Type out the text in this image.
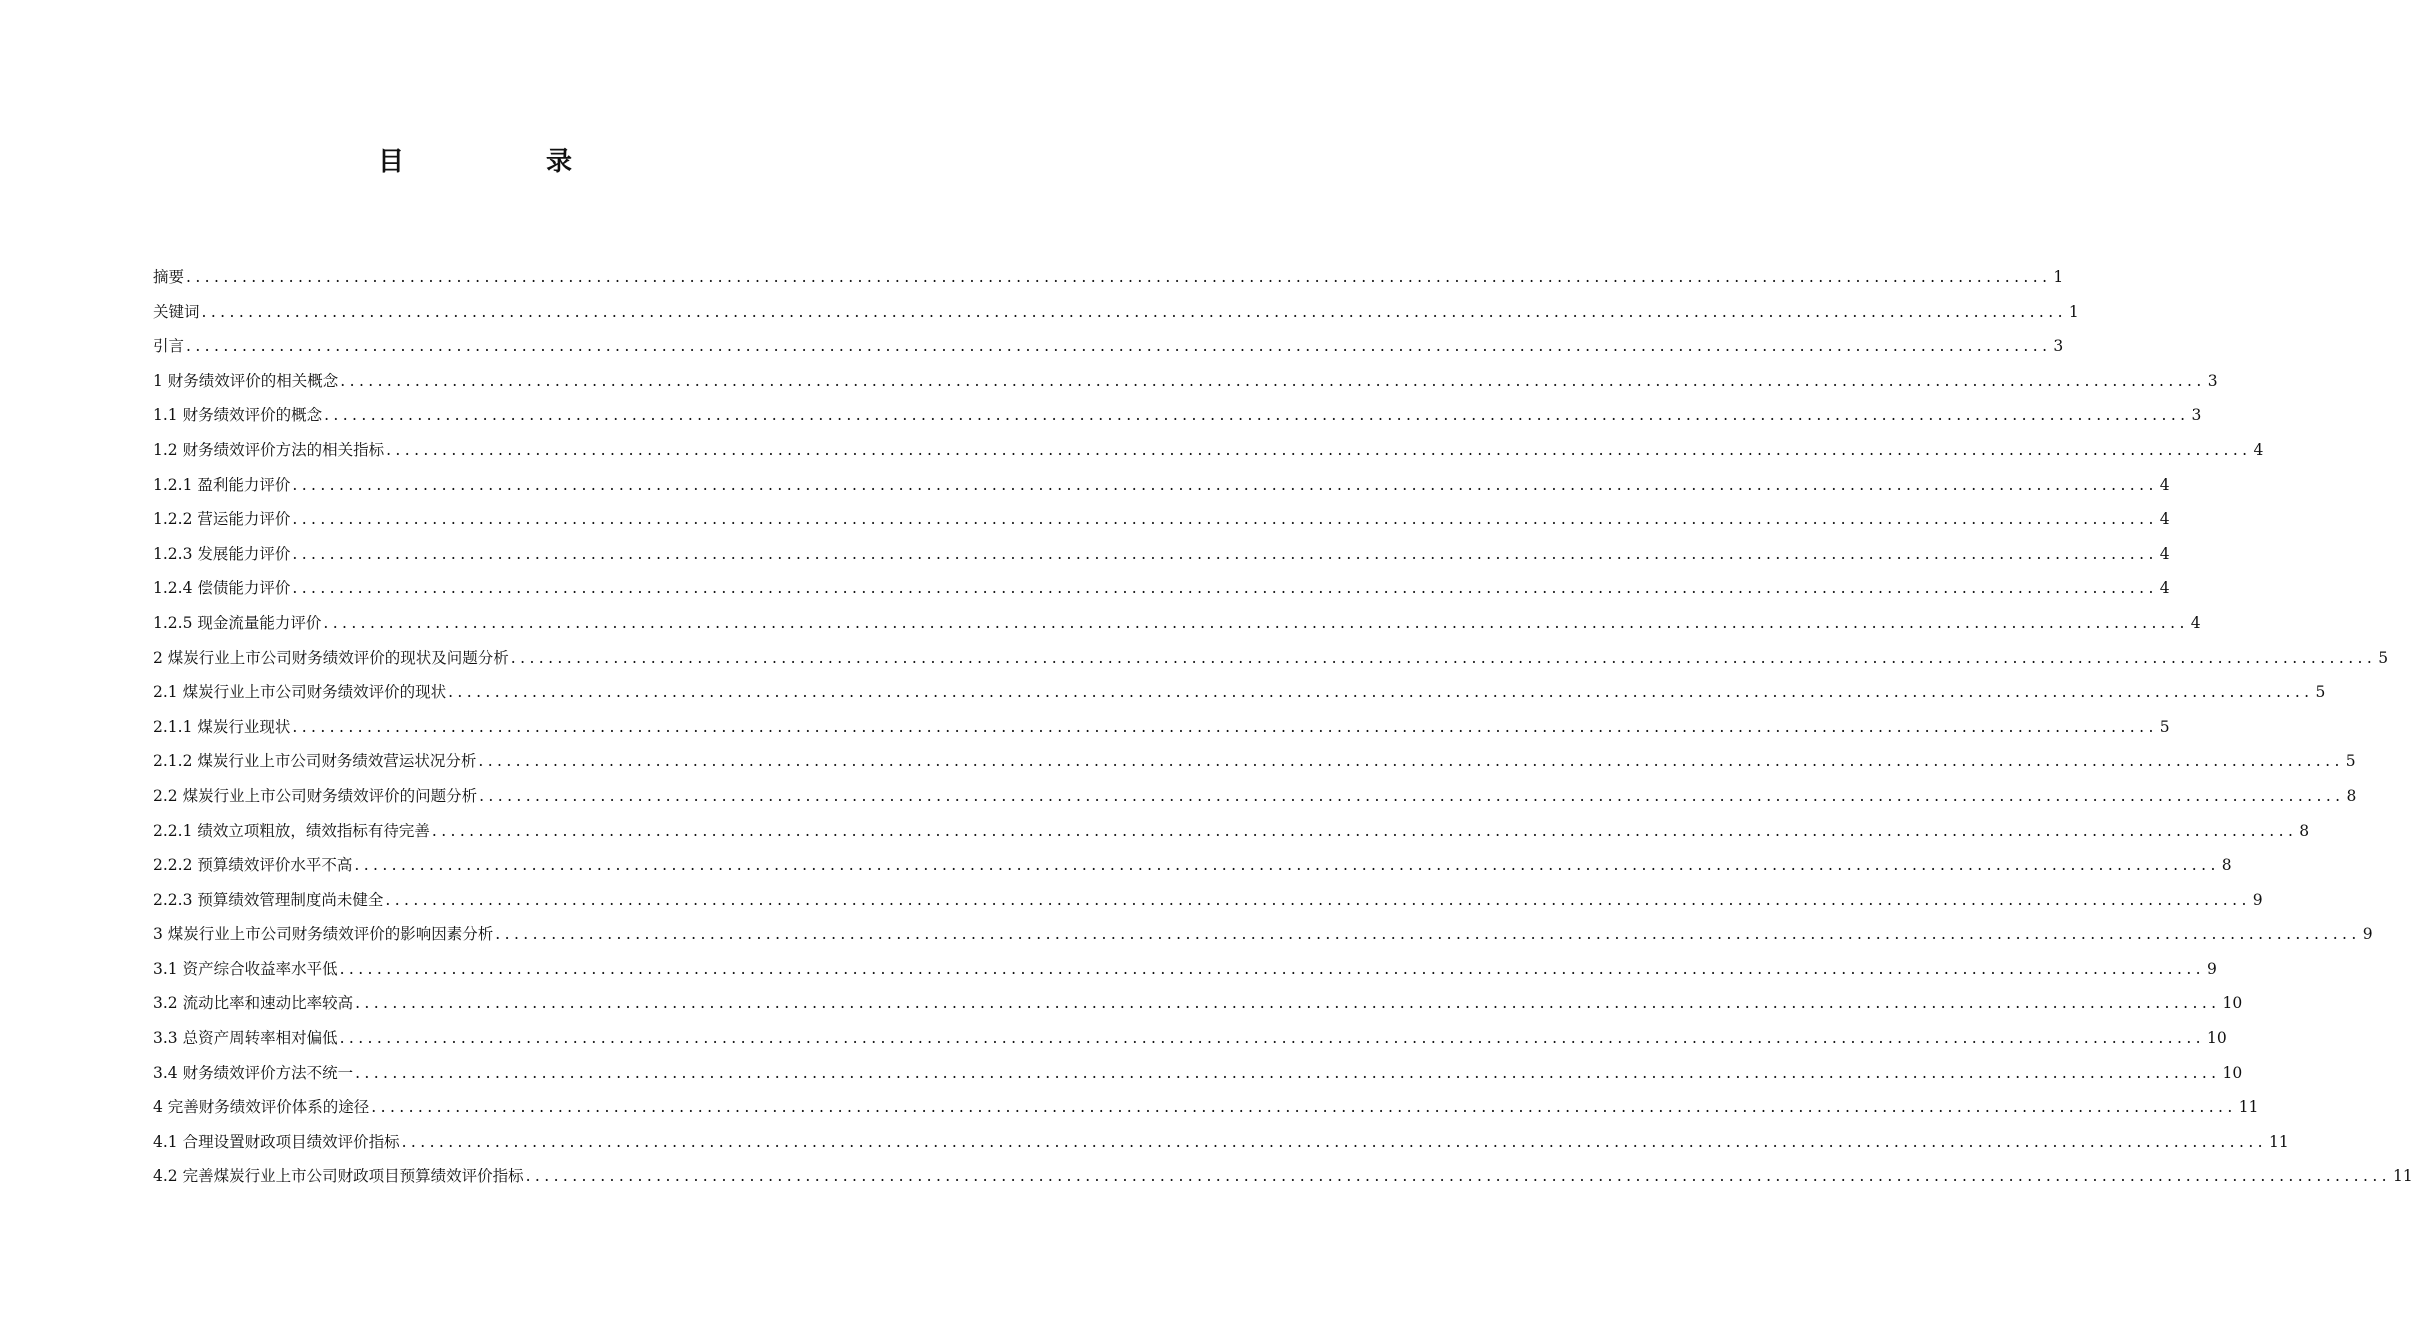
目　录
摘要 ........................................................................................................................................................................................................ 1
关键词 ........................................................................................................................................................................................................ 1
引言 ........................................................................................................................................................................................................ 3
1 财务绩效评价的相关概念 ........................................................................................................................................................................................................ 3
1.1 财务绩效评价的概念 ........................................................................................................................................................................................................ 3
1.2 财务绩效评价方法的相关指标 ........................................................................................................................................................................................................ 4
1.2.1 盈利能力评价 ........................................................................................................................................................................................................ 4
1.2.2 营运能力评价 ........................................................................................................................................................................................................ 4
1.2.3 发展能力评价 ........................................................................................................................................................................................................ 4
1.2.4 偿债能力评价 ........................................................................................................................................................................................................ 4
1.2.5 现金流量能力评价 ........................................................................................................................................................................................................ 4
2 煤炭行业上市公司财务绩效评价的现状及问题分析 ........................................................................................................................................................................................................ 5
2.1 煤炭行业上市公司财务绩效评价的现状 ........................................................................................................................................................................................................ 5
2.1.1 煤炭行业现状 ........................................................................................................................................................................................................ 5
2.1.2 煤炭行业上市公司财务绩效营运状况分析 ........................................................................................................................................................................................................ 5
2.2 煤炭行业上市公司财务绩效评价的问题分析 ........................................................................................................................................................................................................ 8
2.2.1 绩效立项粗放，绩效指标有待完善 ........................................................................................................................................................................................................ 8
2.2.2 预算绩效评价水平不高 ........................................................................................................................................................................................................ 8
2.2.3 预算绩效管理制度尚未健全 ........................................................................................................................................................................................................ 9
3 煤炭行业上市公司财务绩效评价的影响因素分析 ........................................................................................................................................................................................................ 9
3.1 资产综合收益率水平低 ........................................................................................................................................................................................................ 9
3.2 流动比率和速动比率较高 ........................................................................................................................................................................................................ 10
3.3 总资产周转率相对偏低 ........................................................................................................................................................................................................ 10
3.4 财务绩效评价方法不统一 ........................................................................................................................................................................................................ 10
4 完善财务绩效评价体系的途径 ........................................................................................................................................................................................................ 11
4.1 合理设置财政项目绩效评价指标 ........................................................................................................................................................................................................ 11
4.2 完善煤炭行业上市公司财政项目预算绩效评价指标 ........................................................................................................................................................................................................ 11
